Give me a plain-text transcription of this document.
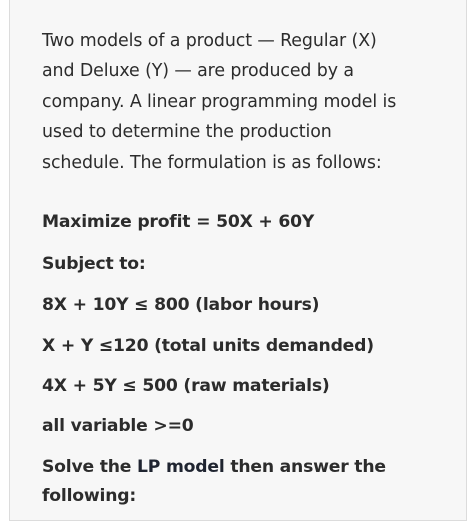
Two models of a product — Regular (X)
and Deluxe (Y) — are produced by a
company. A linear programming model is
used to determine the production
schedule. The formulation is as follows:

Maximize profit = 50X + 60Y
Subject to:
8X + 10Y ≤ 800 (labor hours)
X + Y ≤120 (total units demanded)
4X + 5Y ≤ 500 (raw materials)
all variable >=0
Solve the LP model then answer the
following:
